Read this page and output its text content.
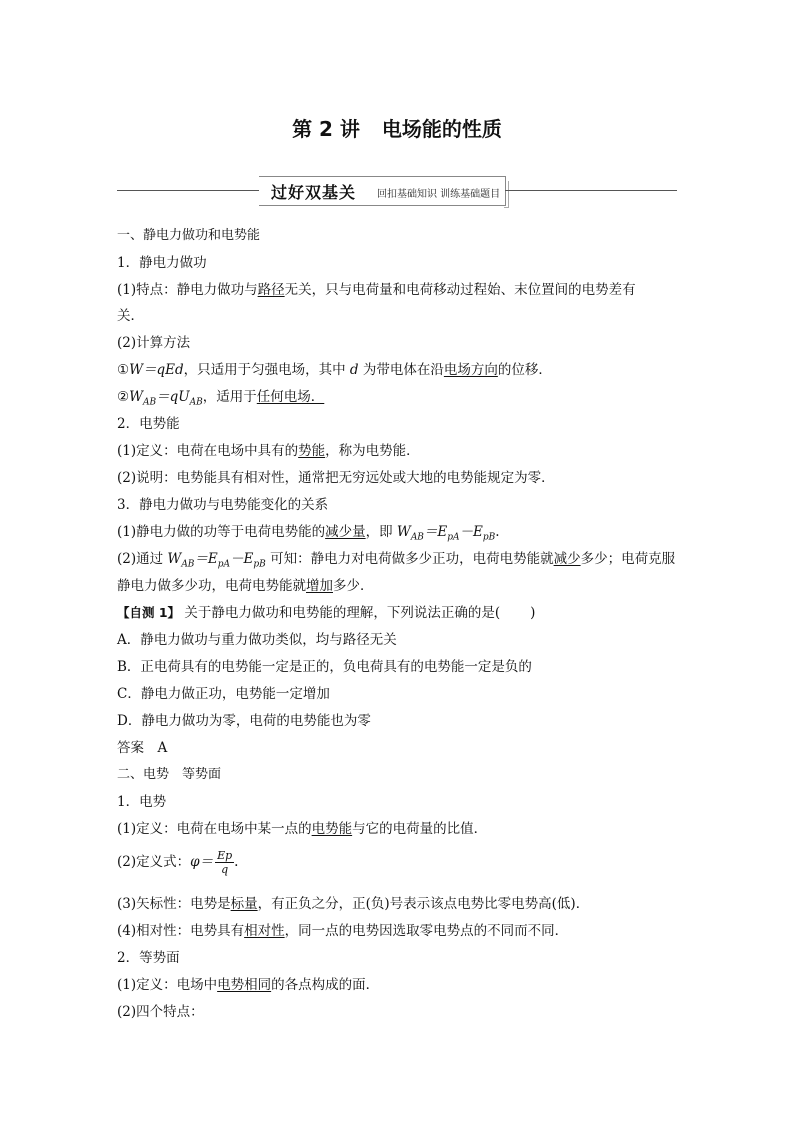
第 2 讲 电场能的性质
过好双基关 回扣基础知识 训练基础题目
一、静电力做功和电势能
1．静电力做功
(1)特点：静电力做功与路径无关，只与电荷量和电荷移动过程始、末位置间的电势差有
关．
(2)计算方法
①W＝qEd，只适用于匀强电场，其中 d 为带电体在沿电场方向的位移．
$②W_{AB}=qU_{AB}$，适用于任何电场．
2．电势能
(1)定义：电荷在电场中具有的势能，称为电势能．
(2)说明：电势能具有相对性，通常把无穷远处或大地的电势能规定为零．
3．静电力做功与电势能变化的关系
(1)静电力做的功等于电荷电势能的减少量，即 $W_{AB}=E_{pA}-E_{pB}$.
(2)通过 $W_{AB}=E_{pA}-E_{pB}$ 可知：静电力对电荷做多少正功，电荷电势能就减少多少；电荷克服
静电力做多少功，电荷电势能就增加多少．
【自测 1】 关于静电力做功和电势能的理解，下列说法正确的是( )
A．静电力做功与重力做功类似，均与路径无关
B．正电荷具有的电势能一定是正的，负电荷具有的电势能一定是负的
C．静电力做正功，电势能一定增加
D．静电力做功为零，电荷的电势能也为零
答案　A
二、电势　等势面
1．电势
(1)定义：电荷在电场中某一点的电势能与它的电荷量的比值．
(2)定义式：$\varphi= \frac{Ep}{q}$ .
(3)矢标性：电势是标量，有正负之分，正(负)号表示该点电势比零电势高(低)．
(4)相对性：电势具有相对性，同一点的电势因选取零电势点的不同而不同．
2．等势面
(1)定义：电场中电势相同的各点构成的面．
(2)四个特点：
